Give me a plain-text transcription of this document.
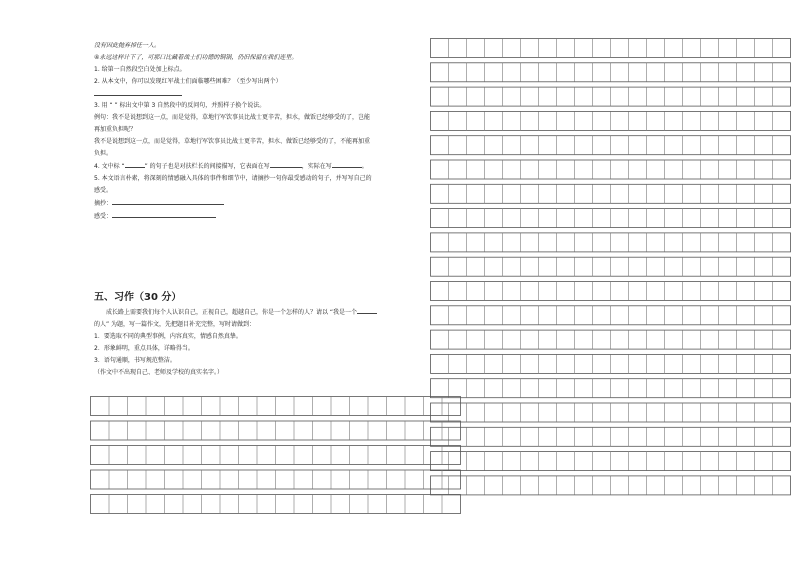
没有因此抛弃掉任一人。

④永远这样计下了，可那口比藏着战士们功德的铜锅，仍旧保留在我们连里。

1. 给第一自然段空白处加上标点。

2. 从本文中，你可以发现红军战士们面临哪些困难？（至少写出两个）

3. 用 “ ” 标出文中第 3 自然段中的反问句，并照样子换个说法。

例句：我不是说想到这一点，而是觉得，草地行军饮事员比战士更辛苦，担水，做饭已经够受的了，岂能

再加重负担呢？

我不是说想到这一点，而是觉得，草地行军饮事员比战士更辛苦，担水、做饭已经够受的了，不能再加重

负担。

4. 文中标 “	” 的句子也是对扶栏长的间接描写，它表面在写	，实际在写	。

5. 本文语言朴素，将深刻的情感融入具体的事件和细节中，请摘抄一句你最受感动的句子，并写写自己的

感受。

摘抄：

感受：

五、习作（30 分）

成长路上需要我们每个人认识自己，正视自己，超越自己，你是一个怎样的人？请以 “我是一个

的人” 为题，写一篇作文，先把题目补充完整，写时请做到：

1．要选取不同的典型事例，内容真实，情感自然真挚。

2．形象鲜明，重点具体，详略得当。

3．语句通顺，书写规范整洁。

（作文中不出现自己、老师及学校的真实名字。）
